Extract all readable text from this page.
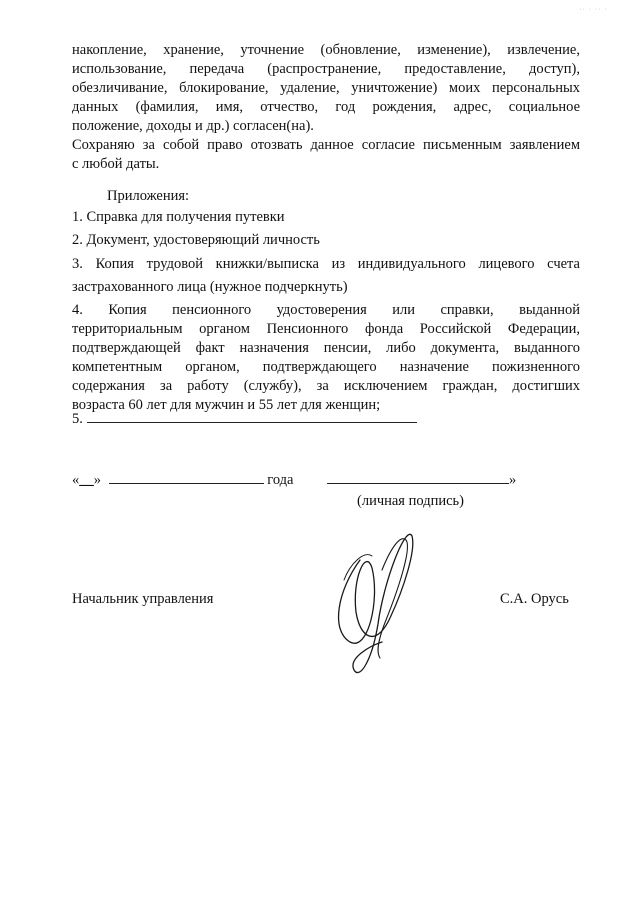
·· · ·· ·
накопление, хранение, уточнение (обновление, изменение), извлечение,
использование, передача (распространение, предоставление, доступ),
обезличивание, блокирование, удаление, уничтожение) моих персональных
данных (фамилия, имя, отчество, год рождения, адрес, социальное
положение, доходы и др.) согласен(на).
Сохраняю за собой право отозвать данное согласие письменным заявлением
с любой даты.
Приложения:
1. Справка для получения путевки
2. Документ, удостоверяющий личность
3. Копия трудовой книжки/выписка из индивидуального лицевого счета
застрахованного лица (нужное подчеркнуть)
4. Копия пенсионного удостоверения или справки, выданной
территориальным органом Пенсионного фонда Российской Федерации,
подтверждающей факт назначения пенсии, либо документа, выданного
компетентным органом, подтверждающего назначение пожизненного
содержания за работу (службу), за исключением граждан, достигших
возраста 60 лет для мужчин и 55 лет для женщин;
5.
«__»	года	»
(личная подпись)
Начальник управления	С.А. Орусь
